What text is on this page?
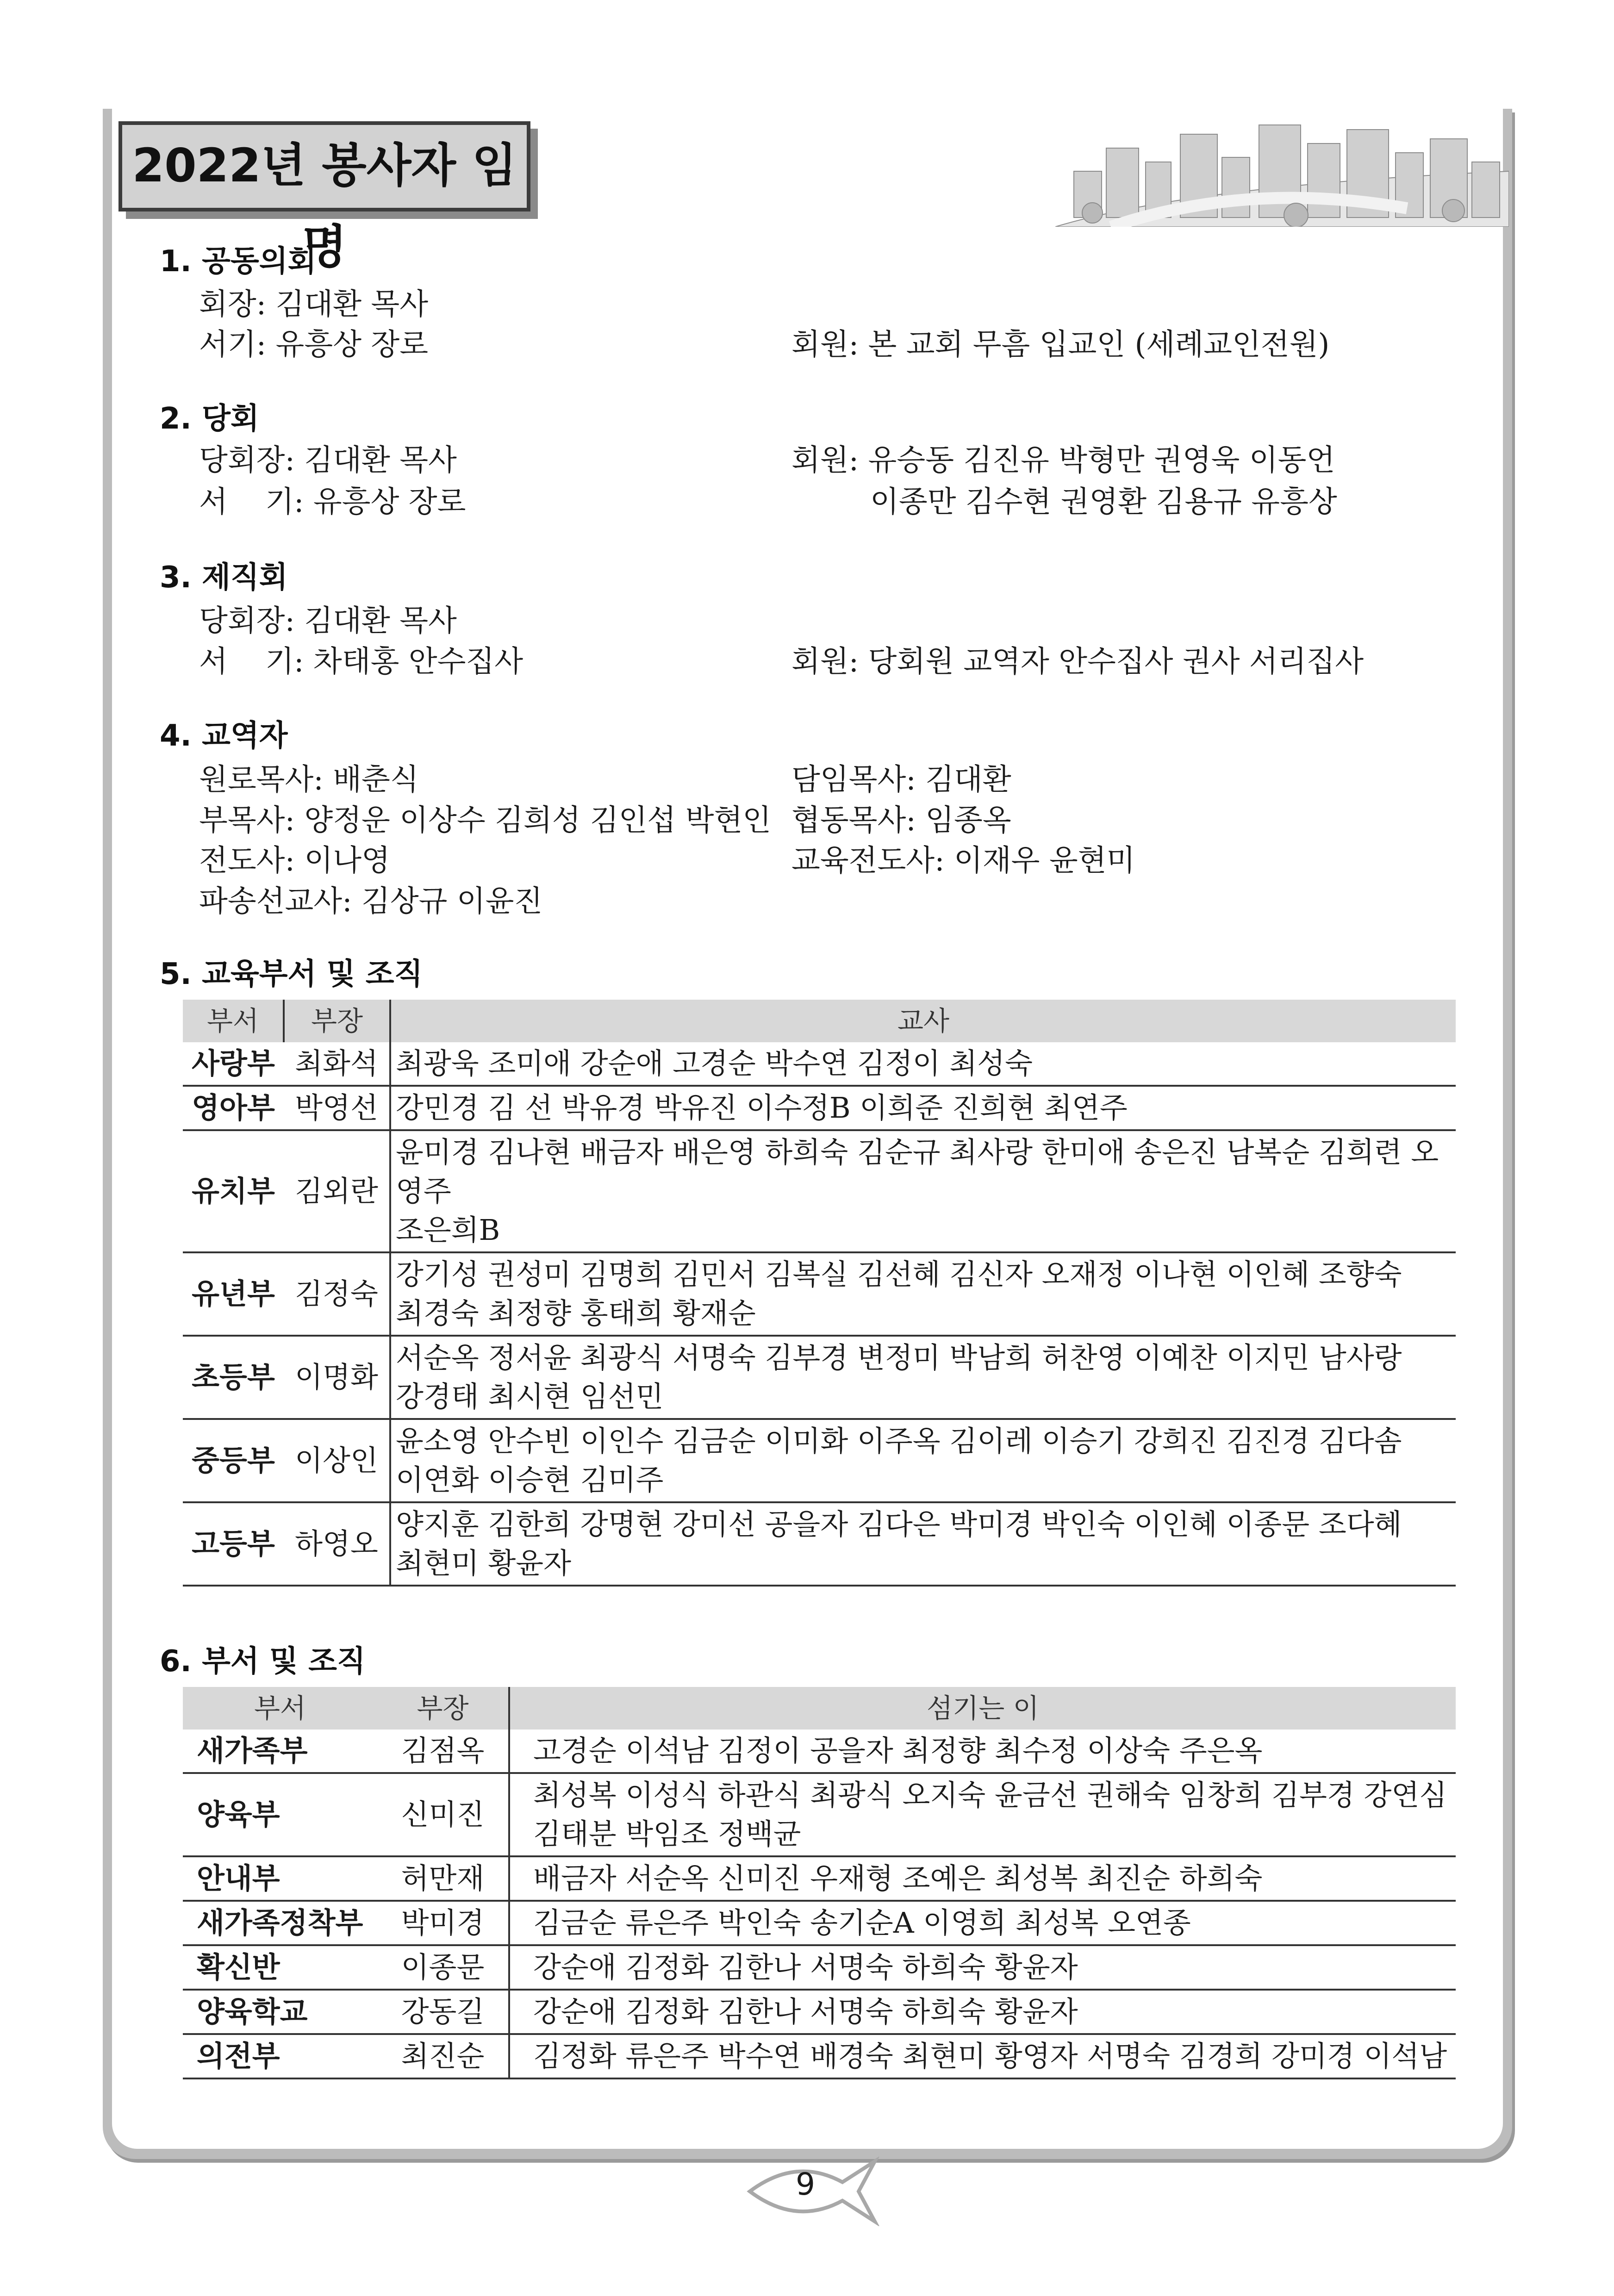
2022년 봉사자 임명
1. 공동의회
회장: 김대환 목사
서기: 유흥상 장로	회원: 본 교회 무흠 입교인 (세례교인전원)
2. 당회
당회장: 김대환 목사
서    기: 유흥상 장로
회원: 유승동 김진유 박형만 권영욱 이동언
이종만 김수현 권영환 김용규 유흥상
3. 제직회
당회장: 김대환 목사
서    기: 차태홍 안수집사	회원: 당회원 교역자 안수집사 권사 서리집사
4. 교역자
원로목사: 배춘식
부목사: 양정운 이상수 김희성 김인섭 박현인
전도사: 이나영
파송선교사: 김상규 이윤진
담임목사: 김대환
협동목사: 임종옥
교육전도사: 이재우 윤현미
5. 교육부서 및 조직
부서	부장	교사
사랑부	최화석	최광욱 조미애 강순애 고경순 박수연 김정이 최성숙

영아부	박영선	강민경 김 선 박유경 박유진 이수정B 이희준 진희현 최연주

유치부	김외란	윤미경 김나현 배금자 배은영 하희숙 김순규 최사랑 한미애 송은진 남복순 김희련 오영주
조은희B

유년부	김정숙	강기성 권성미 김명희 김민서 김복실 김선혜 김신자 오재정 이나현 이인혜 조향숙
최경숙 최정향 홍태희 황재순

초등부	이명화	서순옥 정서윤 최광식 서명숙 김부경 변정미 박남희 허찬영 이예찬 이지민 남사랑
강경태 최시현 임선민

중등부	이상인	윤소영 안수빈 이인수 김금순 이미화 이주옥 김이레 이승기 강희진 김진경 김다솜
이연화 이승현 김미주

고등부	하영오	양지훈 김한희 강명현 강미선 공을자 김다은 박미경 박인숙 이인혜 이종문 조다혜
최현미 황윤자
6. 부서 및 조직
부서	부장	섬기는 이
새가족부	김점옥	고경순 이석남 김정이 공을자 최정향 최수정 이상숙 주은옥

양육부	신미진	최성복 이성식 하관식 최광식 오지숙 윤금선 권해숙 임창희 김부경 강연심
김태분 박임조 정백균

안내부	허만재	배금자 서순옥 신미진 우재형 조예은 최성복 최진순 하희숙

새가족정착부	박미경	김금순 류은주 박인숙 송기순A 이영희 최성복 오연종

확신반	이종문	강순애 김정화 김한나 서명숙 하희숙 황윤자

양육학교	강동길	강순애 김정화 김한나 서명숙 하희숙 황윤자

의전부	최진순	김정화 류은주 박수연 배경숙 최현미 황영자 서명숙 김경희 강미경 이석남
9
